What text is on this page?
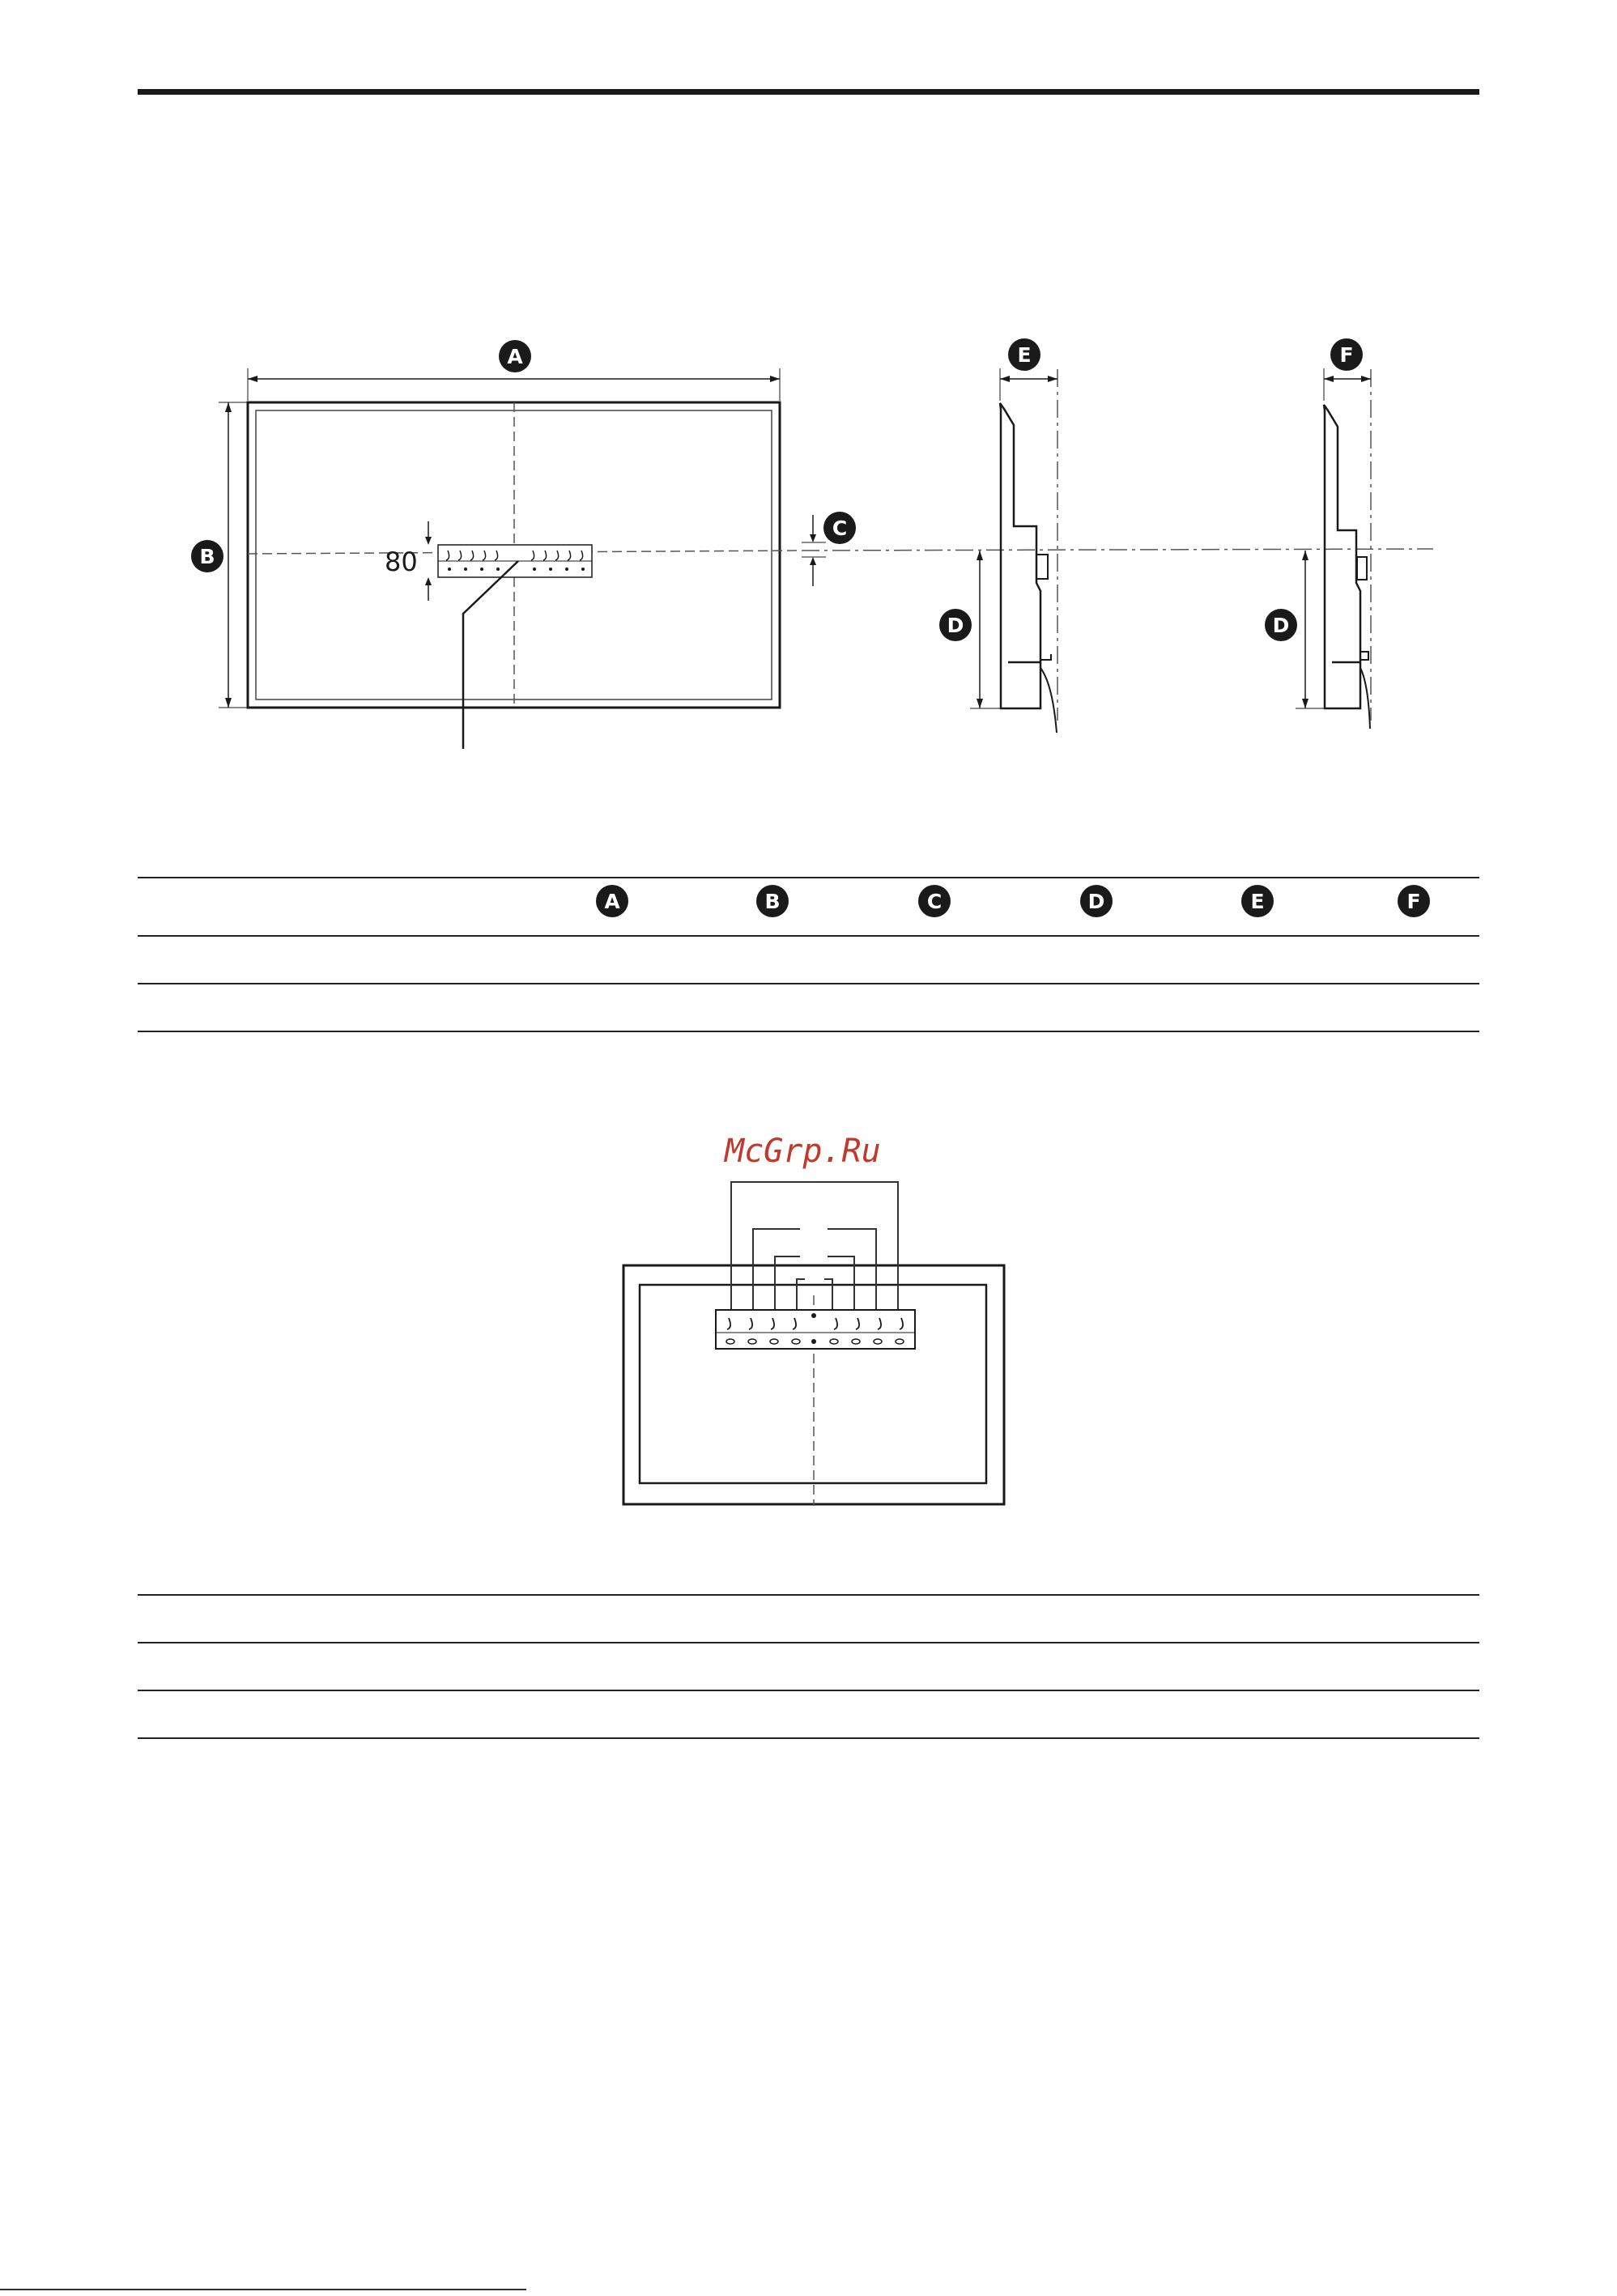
80
A
B
C
D	D
E	F
A	B	C	D	E	F
McGrp.Ru
